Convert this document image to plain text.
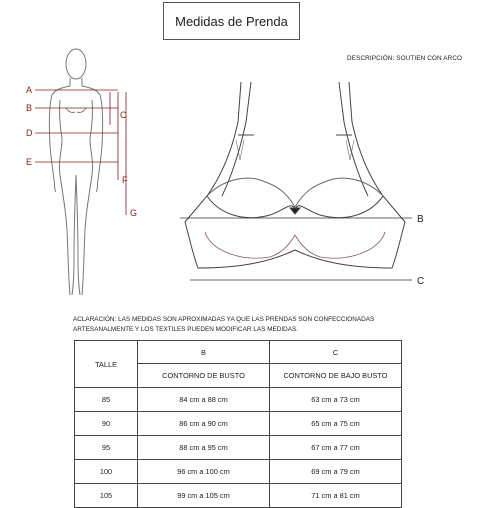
Medidas de Prenda
DESCRIPCIÓN: SOUTIEN CON ARCO
A
B
C
D
E
F
G
B
C
ACLARACIÓN: LAS MEDIDAS SON APROXIMADAS YA QUE LAS PRENDAS SON CONFECCIONADAS ARTESANALMENTE Y LOS TEXTILES PUEDEN MODIFICAR LAS MEDIDAS.
TALLE	B	C
	CONTORNO DE BUSTO	CONTORNO DE BAJO BUSTO
85	84 cm a 88 cm	63 cm a 73 cm
90	86 cm a 90 cm	65 cm a 75 cm
95	88 cm a 95 cm	67 cm a 77 cm
100	96 cm a 100 cm	69 cm a 79 cm
105	99 cm a 105 cm	71 cm a 81 cm
